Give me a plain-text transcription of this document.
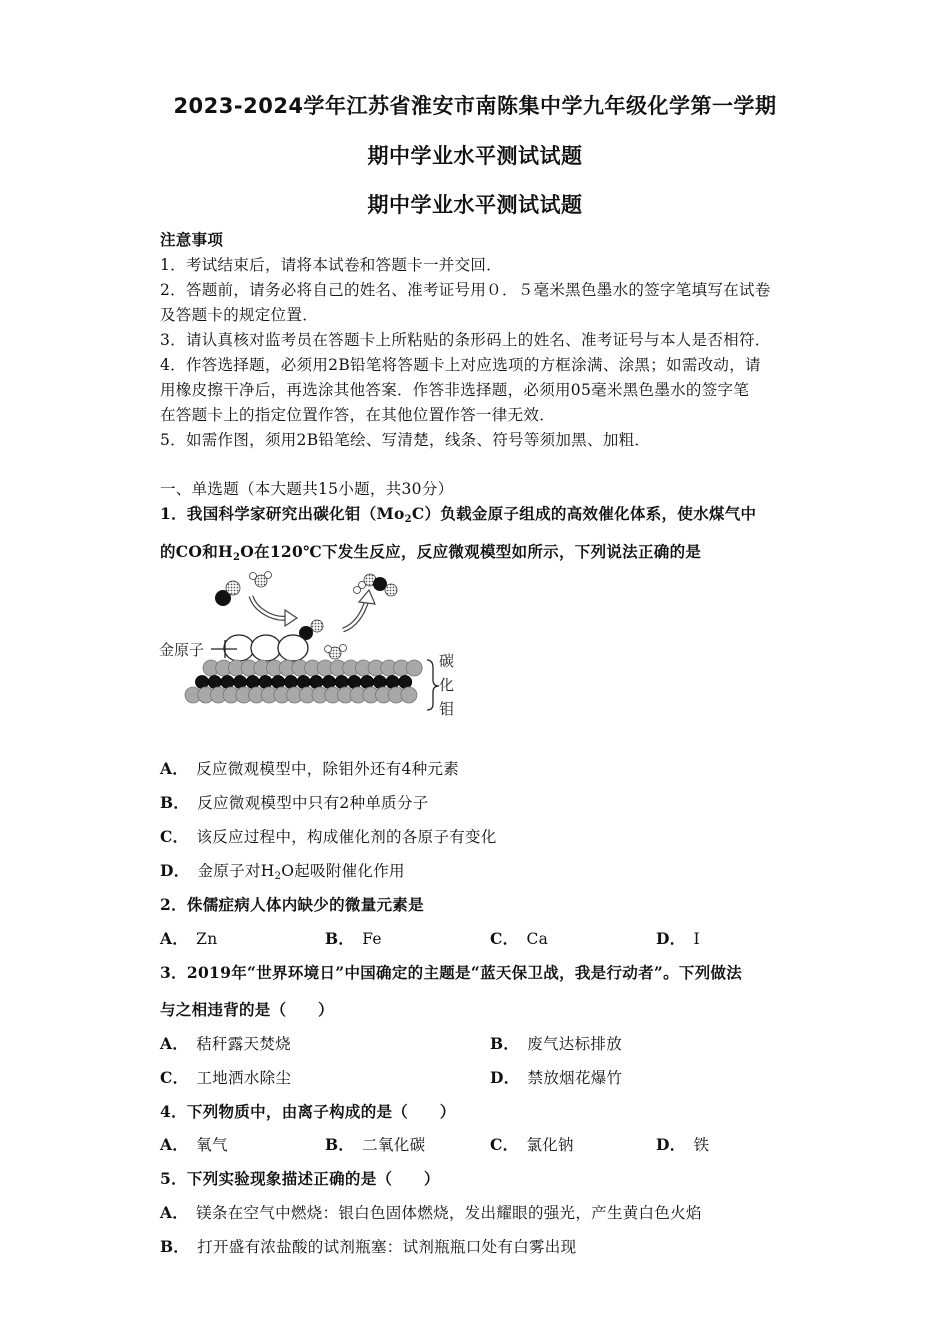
2023-2024学年江苏省淮安市南陈集中学九年级化学第一学期
期中学业水平测试试题
期中学业水平测试试题
注意事项
1．考试结束后，请将本试卷和答题卡一并交回．
2．答题前，请务必将自己的姓名、准考证号用０．５毫米黑色墨水的签字笔填写在试卷
及答题卡的规定位置．
3．请认真核对监考员在答题卡上所粘贴的条形码上的姓名、准考证号与本人是否相符．
4．作答选择题，必须用2B铅笔将答题卡上对应选项的方框涂满、涂黑；如需改动，请
用橡皮擦干净后，再选涂其他答案．作答非选择题，必须用05毫米黑色墨水的签字笔
在答题卡上的指定位置作答，在其他位置作答一律无效．
5．如需作图，须用2B铅笔绘、写清楚，线条、符号等须加黑、加粗．
一、单选题（本大题共15小题，共30分）
1．我国科学家研究出碳化钼$(Mo_2C)$负载金原子组成的高效催化体系，使水煤气中
的CO和$H_2O$在120℃下发生反应，反应微观模型如所示，下列说法正确的是
金原子
碳
化
钼
A． 反应微观模型中，除钼外还有4种元素
B． 反应微观模型中只有2种单质分子
C． 该反应过程中，构成催化剂的各原子有变化
D． 金原子对$H_2O$起吸附催化作用
2．侏儒症病人体内缺少的微量元素是
A． Zn	B． Fe	C． Ca	D． I
3．2019年“世界环境日”中国确定的主题是“蓝天保卫战，我是行动者”。下列做法
与之相违背的是（　　）
A． 秸秆露天焚烧	B． 废气达标排放
C． 工地洒水除尘	D． 禁放烟花爆竹
4．下列物质中，由离子构成的是（　　）
A． 氧气	B． 二氧化碳	C． 氯化钠	D． 铁
5．下列实验现象描述正确的是（　　）
A． 镁条在空气中燃烧：银白色固体燃烧，发出耀眼的强光，产生黄白色火焰
B． 打开盛有浓盐酸的试剂瓶塞：试剂瓶瓶口处有白雾出现
